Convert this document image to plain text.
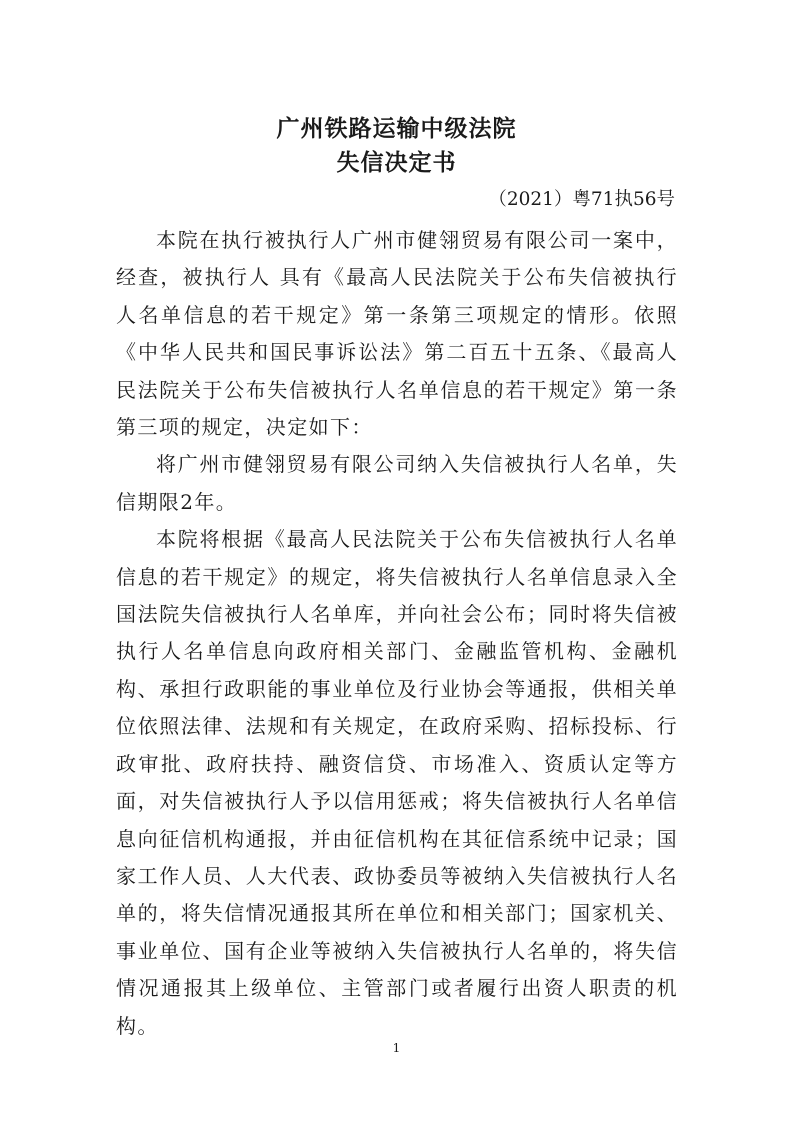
广州铁路运输中级法院
失信决定书
（2021）粤71执56号

本院在执行被执行人广州市健翎贸易有限公司一案中，经查，被执行人 具有《最高人民法院关于公布失信被执行人名单信息的若干规定》第一条第三项规定的情形。依照《中华人民共和国民事诉讼法》第二百五十五条、《最高人民法院关于公布失信被执行人名单信息的若干规定》第一条第三项的规定，决定如下：

将广州市健翎贸易有限公司纳入失信被执行人名单，失信期限2年。

本院将根据《最高人民法院关于公布失信被执行人名单信息的若干规定》的规定，将失信被执行人名单信息录入全国法院失信被执行人名单库，并向社会公布；同时将失信被执行人名单信息向政府相关部门、金融监管机构、金融机构、承担行政职能的事业单位及行业协会等通报，供相关单位依照法律、法规和有关规定，在政府采购、招标投标、行政审批、政府扶持、融资信贷、市场准入、资质认定等方面，对失信被执行人予以信用惩戒；将失信被执行人名单信息向征信机构通报，并由征信机构在其征信系统中记录；国家工作人员、人大代表、政协委员等被纳入失信被执行人名单的，将失信情况通报其所在单位和相关部门；国家机关、事业单位、国有企业等被纳入失信被执行人名单的，将失信情况通报其上级单位、主管部门或者履行出资人职责的机构。

1
